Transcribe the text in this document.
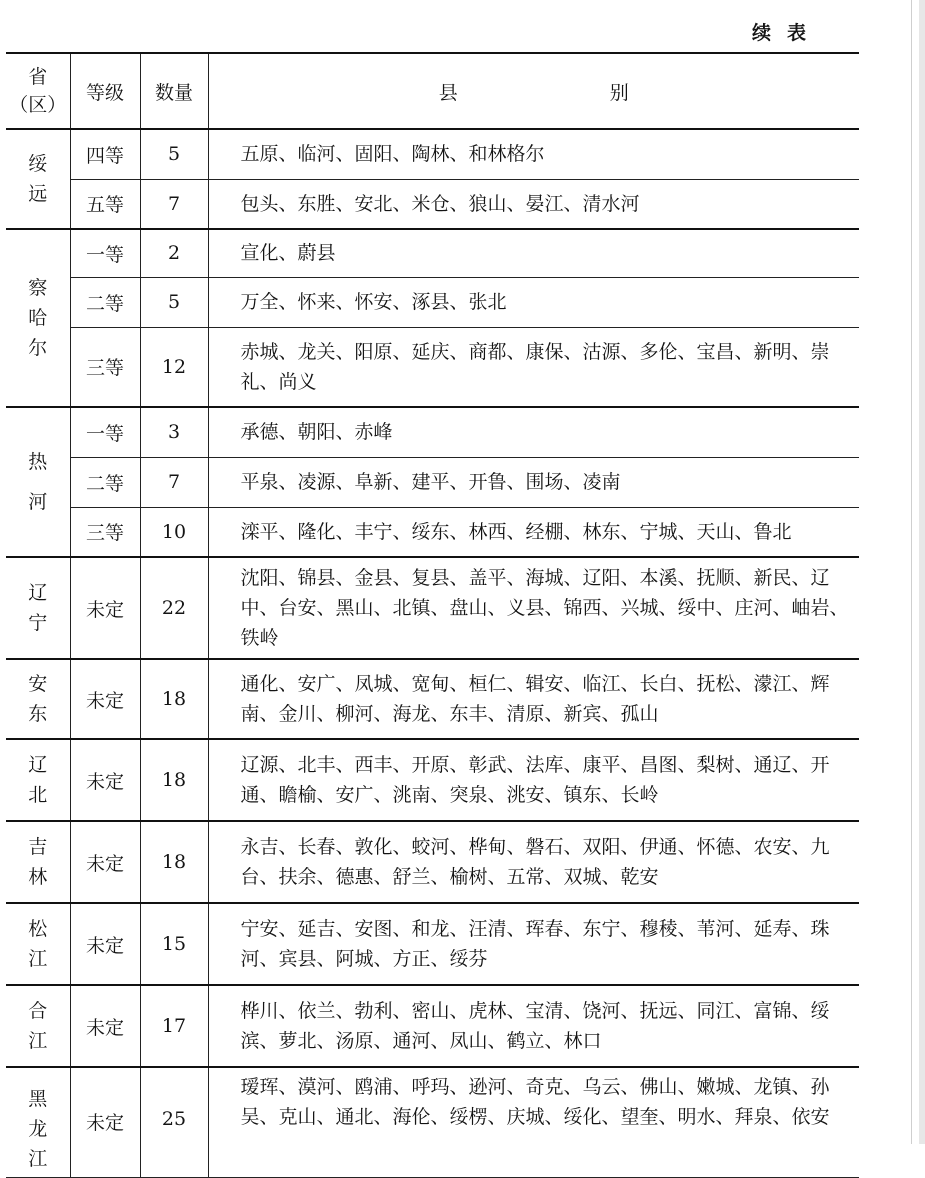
续 表
省
（区）	等级	数量	县 别

绥
远	四等	5	五原、临河、固阳、陶林、和林格尔
	五等	7	包头、东胜、安北、米仓、狼山、晏江、清水河

察
哈
尔	一等	2	宣化、蔚县
	二等	5	万全、怀来、怀安、涿县、张北
	三等	12	赤城、龙关、阳原、延庆、商都、康保、沽源、多伦、宝昌、新明、崇礼、尚义

热
河	一等	3	承德、朝阳、赤峰
	二等	7	平泉、凌源、阜新、建平、开鲁、围场、凌南
	三等	10	滦平、隆化、丰宁、绥东、林西、经棚、林东、宁城、天山、鲁北

辽
宁	未定	22	沈阳、锦县、金县、复县、盖平、海城、辽阳、本溪、抚顺、新民、辽中、台安、黑山、北镇、盘山、义县、锦西、兴城、绥中、庄河、岫岩、铁岭

安
东	未定	18	通化、安广、凤城、宽甸、桓仁、辑安、临江、长白、抚松、濛江、辉南、金川、柳河、海龙、东丰、清原、新宾、孤山

辽
北	未定	18	辽源、北丰、西丰、开原、彰武、法库、康平、昌图、梨树、通辽、开通、瞻榆、安广、洮南、突泉、洮安、镇东、长岭

吉
林	未定	18	永吉、长春、敦化、蛟河、桦甸、磐石、双阳、伊通、怀德、农安、九台、扶余、德惠、舒兰、榆树、五常、双城、乾安

松
江	未定	15	宁安、延吉、安图、和龙、汪清、珲春、东宁、穆稜、苇河、延寿、珠河、宾县、阿城、方正、绥芬

合
江	未定	17	桦川、依兰、勃利、密山、虎林、宝清、饶河、抚远、同江、富锦、绥滨、萝北、汤原、通河、凤山、鹤立、林口

黑
龙
江	未定	25	瑷珲、漠河、鸥浦、呼玛、逊河、奇克、乌云、佛山、嫩城、龙镇、孙吴、克山、通北、海伦、绥楞、庆城、绥化、望奎、明水、拜泉、依安
